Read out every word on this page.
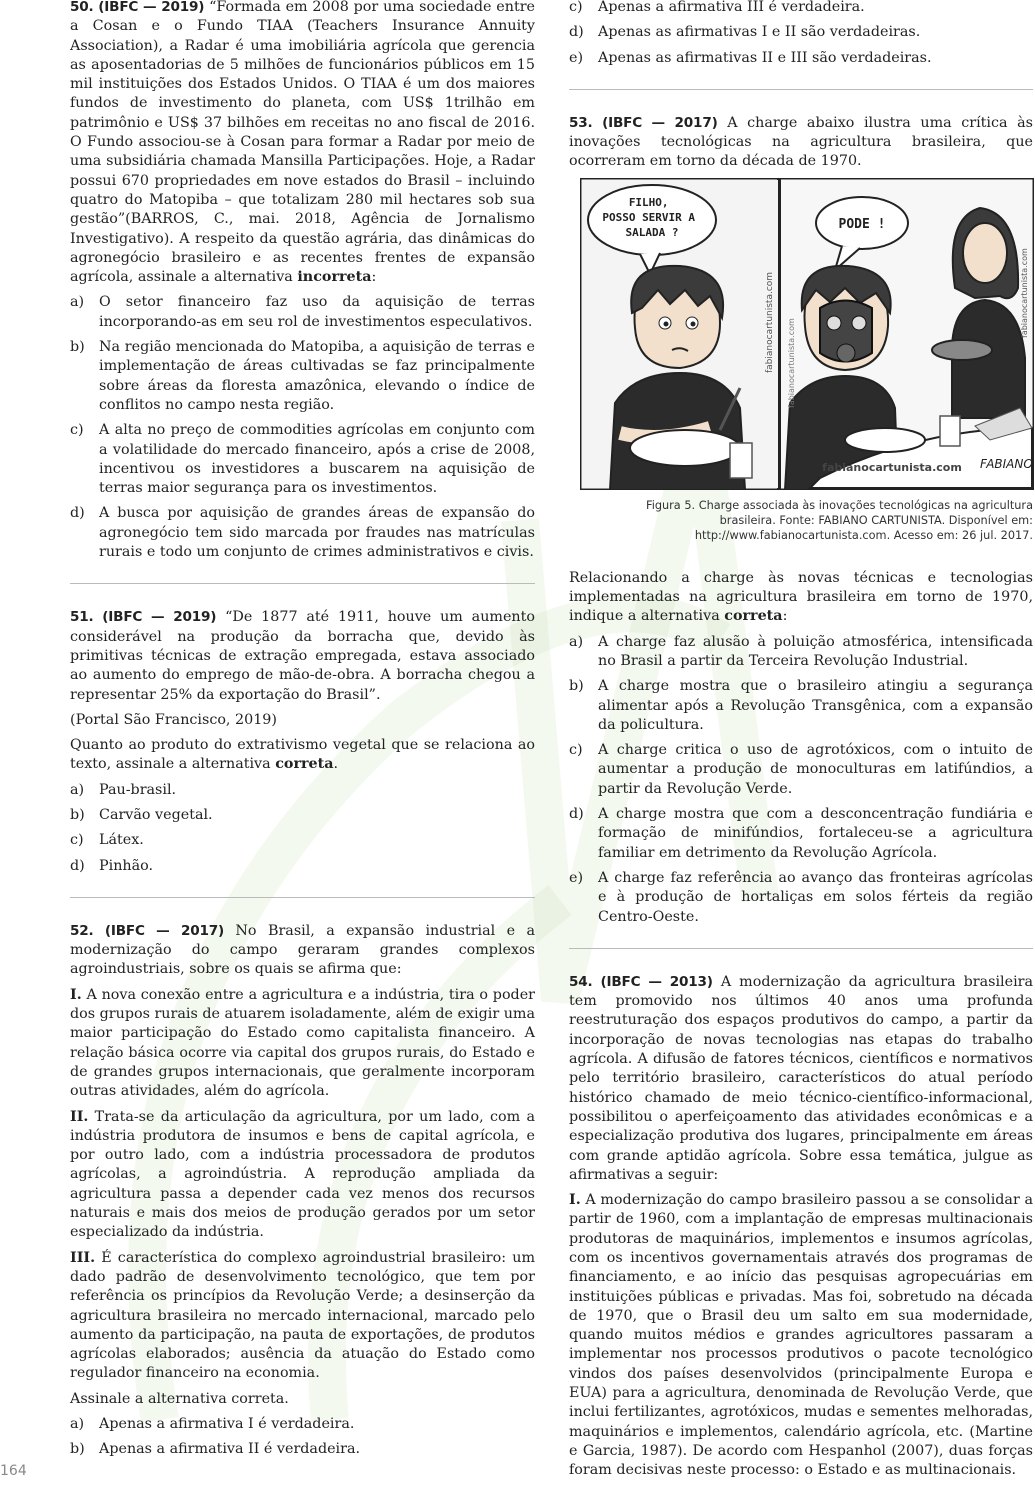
50. (IBFC — 2019) “Formada em 2008 por uma sociedade entre a Cosan e o Fundo TIAA (Teachers Insurance Annuity Association), a Radar é uma imobiliária agrícola que gerencia as aposentadorias de 5 milhões de funcionários públicos em 15 mil instituições dos Estados Unidos. O TIAA é um dos maiores fundos de investimento do planeta, com US$ 1trilhão em patrimônio e US$ 37 bilhões em receitas no ano fiscal de 2016. O Fundo associou-se à Cosan para formar a Radar por meio de uma subsidiária chamada Mansilla Participações. Hoje, a Radar possui 670 propriedades em nove estados do Brasil – incluindo quatro do Matopiba – que totalizam 280 mil hectares sob sua gestão”(BARROS, C., mai. 2018, Agência de Jornalismo Investigativo). A respeito da questão agrária, das dinâmicas do agronegócio brasileiro e as recentes frentes de expansão agrícola, assinale a alternativa incorreta:

a)	O setor financeiro faz uso da aquisição de terras incorporando-as em seu rol de investimentos especulativos.
b) Na região mencionada do Matopiba, a aquisição de terras e implementação de áreas cultivadas se faz principalmente sobre áreas da floresta amazônica, elevando o índice de conflitos no campo nesta região.
c)	A alta no preço de commodities agrícolas em conjunto com a volatilidade do mercado financeiro, após a crise de 2008, incentivou os investidores a buscarem na aquisição de terras maior segurança para os investimentos.
d) A busca por aquisição de grandes áreas de expansão do agronegócio tem sido marcada por fraudes nas matrículas rurais e todo um conjunto de crimes administrativos e civis.

51. (IBFC — 2019) “De 1877 até 1911, houve um aumento considerável na produção da borracha que, devido às primitivas técnicas de extração empregada, estava associado ao aumento do emprego de mão-de-obra. A borracha chegou a representar 25% da exportação do Brasil”.

(Portal São Francisco, 2019)

Quanto ao produto do extrativismo vegetal que se relaciona ao texto, assinale a alternativa correta.

a)	Pau-brasil.
b) Carvão vegetal.
c)	Látex.
d) Pinhão.

52. (IBFC — 2017) No Brasil, a expansão industrial e a modernização do campo geraram grandes complexos agroindustriais, sobre os quais se afirma que:

I. A nova conexão entre a agricultura e a indústria, tira o poder dos grupos rurais de atuarem isoladamente, além de exigir uma maior participação do Estado como capitalista financeiro. A relação básica ocorre via capital dos grupos rurais, do Estado e de grandes grupos internacionais, que geralmente incorporam outras atividades, além do agrícola.

II. Trata-se da articulação da agricultura, por um lado, com a indústria produtora de insumos e bens de capital agrícola, e por outro lado, com a indústria processadora de produtos agrícolas, a agroindústria. A reprodução ampliada da agricultura passa a depender cada vez menos dos recursos naturais e mais dos meios de produção gerados por um setor especializado da indústria.

III. É característica do complexo agroindustrial brasileiro: um dado padrão de desenvolvimento tecnológico, que tem por referência os princípios da Revolução Verde; a desinserção da agricultura brasileira no mercado internacional, marcado pelo aumento da participação, na pauta de exportações, de produtos agrícolas elaborados; ausência da atuação do Estado como regulador financeiro na economia.

Assinale a alternativa correta.

a)	Apenas a afirmativa I é verdadeira.
b) Apenas a afirmativa II é verdadeira.
c)	Apenas a afirmativa III é verdadeira.
d) Apenas as afirmativas I e II são verdadeiras.
e)	Apenas as afirmativas II e III são verdadeiras.

53. (IBFC — 2017) A charge abaixo ilustra uma crítica às inovações tecnológicas na agricultura brasileira, que ocorreram em torno da década de 1970.

FILHO, POSSO SERVIR A SALADA ?
fabianocartunista.com
PODE !
fabianocartunista.com
fabianocartunista.com FABIANO
fabianocartunista.com
Figura 5. Charge associada às inovações tecnológicas na agricultura brasileira. Fonte: FABIANO CARTUNISTA. Disponível em: http://www.fabianocartunista.com. Acesso em: 26 jul. 2017.

Relacionando a charge às novas técnicas e tecnologias implementadas na agricultura brasileira em torno de 1970, indique a alternativa correta:

a)	A charge faz alusão à poluição atmosférica, intensificada no Brasil a partir da Terceira Revolução Industrial.
b) A charge mostra que o brasileiro atingiu a segurança alimentar após a Revolução Transgênica, com a expansão da policultura.
c)	A charge critica o uso de agrotóxicos, com o intuito de aumentar a produção de monoculturas em latifúndios, a partir da Revolução Verde.
d) A charge mostra que com a desconcentração fundiária e formação de minifúndios, fortaleceu-se a agricultura familiar em detrimento da Revolução Agrícola.
e)	A charge faz referência ao avanço das fronteiras agrícolas e à produção de hortaliças em solos férteis da região Centro-Oeste.

54. (IBFC — 2013) A modernização da agricultura brasileira tem promovido nos últimos 40 anos uma profunda reestruturação dos espaços produtivos do campo, a partir da incorporação de novas tecnologias nas etapas do trabalho agrícola. A difusão de fatores técnicos, científicos e normativos pelo território brasileiro, característicos do atual período histórico chamado de meio técnico-científico-informacional, possibilitou o aperfeiçoamento das atividades econômicas e a especialização produtiva dos lugares, principalmente em áreas com grande aptidão agrícola. Sobre essa temática, julgue as afirmativas a seguir:

I. A modernização do campo brasileiro passou a se consolidar a partir de 1960, com a implantação de empresas multinacionais produtoras de maquinários, implementos e insumos agrícolas, com os incentivos governamentais através dos programas de financiamento, e ao início das pesquisas agropecuárias em instituições públicas e privadas. Mas foi, sobretudo na década de 1970, que o Brasil deu um salto em sua modernidade, quando muitos médios e grandes agricultores passaram a implementar nos processos produtivos o pacote tecnológico vindos dos países desenvolvidos (principalmente Europa e EUA) para a agricultura, denominada de Revolução Verde, que inclui fertilizantes, agrotóxicos, mudas e sementes melhoradas, maquinários e implementos, calendário agrícola, etc. (Martine e Garcia, 1987). De acordo com Hespanhol (2007), duas forças foram decisivas neste processo: o Estado e as multinacionais.

164
